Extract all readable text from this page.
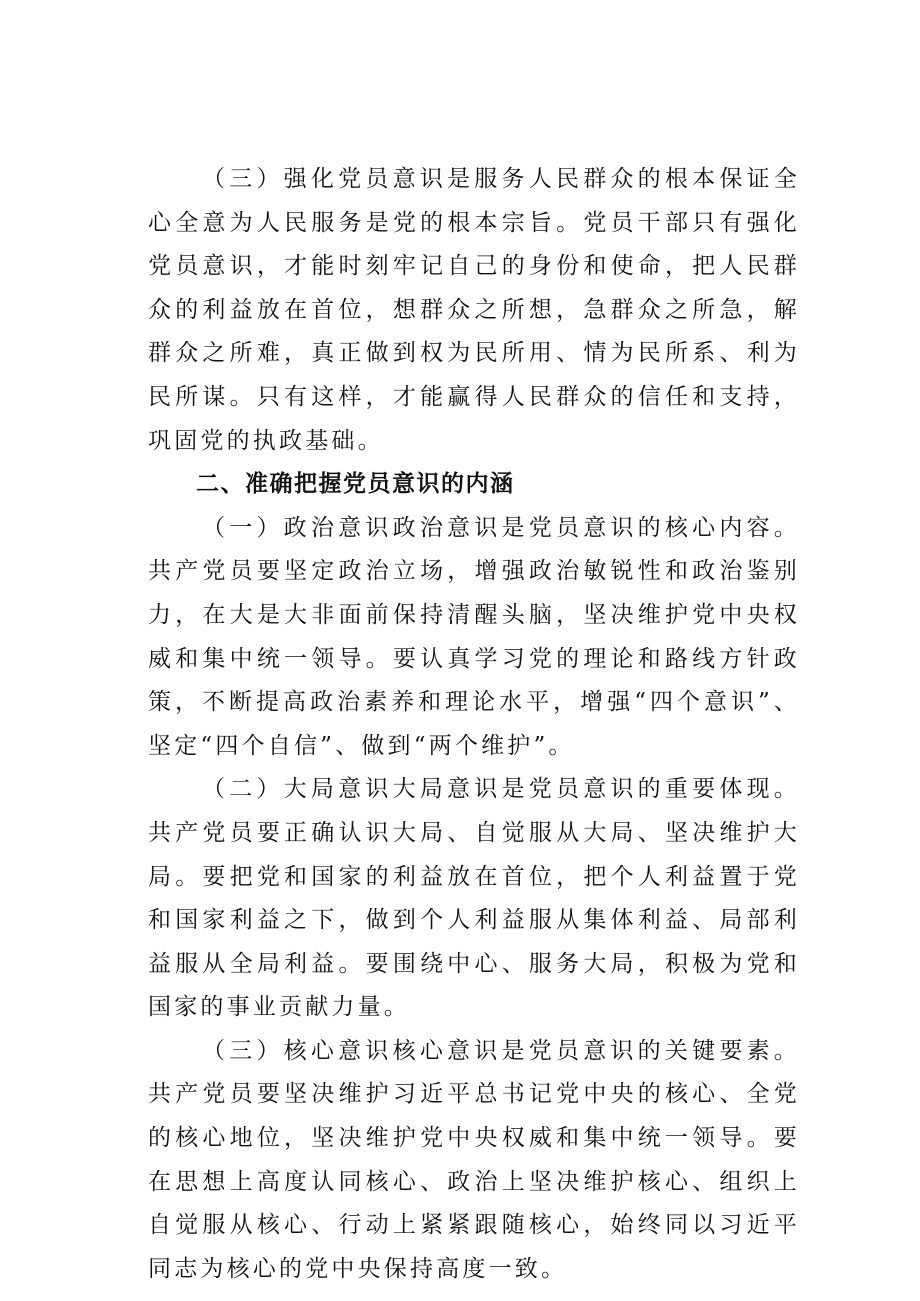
（三）强化党员意识是服务人民群众的根本保证全心全意为人民服务是党的根本宗旨。党员干部只有强化党员意识，才能时刻牢记自己的身份和使命，把人民群众的利益放在首位，想群众之所想，急群众之所急，解群众之所难，真正做到权为民所用、情为民所系、利为民所谋。只有这样，才能赢得人民群众的信任和支持，巩固党的执政基础。

二、准确把握党员意识的内涵

（一）政治意识政治意识是党员意识的核心内容。共产党员要坚定政治立场，增强政治敏锐性和政治鉴别力，在大是大非面前保持清醒头脑，坚决维护党中央权威和集中统一领导。要认真学习党的理论和路线方针政策，不断提高政治素养和理论水平，增强“四个意识”、坚定“四个自信”、做到“两个维护”。

（二）大局意识大局意识是党员意识的重要体现。共产党员要正确认识大局、自觉服从大局、坚决维护大局。要把党和国家的利益放在首位，把个人利益置于党和国家利益之下，做到个人利益服从集体利益、局部利益服从全局利益。要围绕中心、服务大局，积极为党和国家的事业贡献力量。

（三）核心意识核心意识是党员意识的关键要素。共产党员要坚决维护习近平总书记党中央的核心、全党的核心地位，坚决维护党中央权威和集中统一领导。要在思想上高度认同核心、政治上坚决维护核心、组织上自觉服从核心、行动上紧紧跟随核心，始终同以习近平同志为核心的党中央保持高度一致。
